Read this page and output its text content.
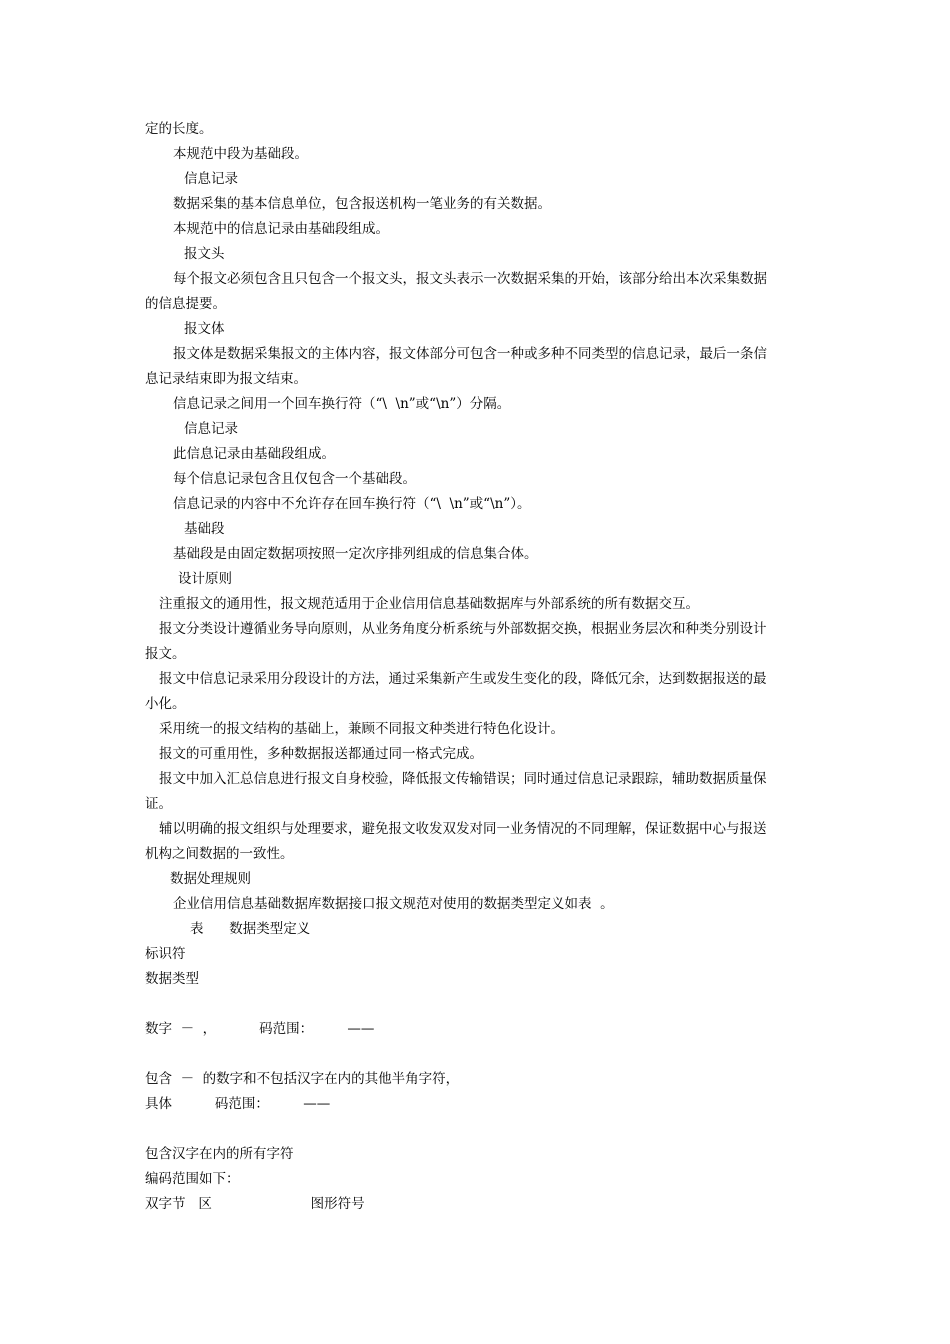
定的长度。
本规范中段为基础段。
信息记录
数据采集的基本信息单位，包含报送机构一笔业务的有关数据。
本规范中的信息记录由基础段组成。
报文头
每个报文必须包含且只包含一个报文头，报文头表示一次数据采集的开始，该部分给出本次采集数据
的信息提要。
报文体
报文体是数据采集报文的主体内容，报文体部分可包含一种或多种不同类型的信息记录，最后一条信
息记录结束即为报文结束。
信息记录之间用一个回车换行符（“\  \n”或“\n”）分隔。
信息记录
此信息记录由基础段组成。
每个信息记录包含且仅包含一个基础段。
信息记录的内容中不允许存在回车换行符（“\  \n”或“\n”）。
基础段
基础段是由固定数据项按照一定次序排列组成的信息集合体。
设计原则
注重报文的通用性，报文规范适用于企业信用信息基础数据库与外部系统的所有数据交互。
报文分类设计遵循业务导向原则，从业务角度分析系统与外部数据交换，根据业务层次和种类分别设计
报文。
报文中信息记录采用分段设计的方法，通过采集新产生或发生变化的段，降低冗余，达到数据报送的最
小化。
采用统一的报文结构的基础上，兼顾不同报文种类进行特色化设计。
报文的可重用性，多种数据报送都通过同一格式完成。
报文中加入汇总信息进行报文自身校验，降低报文传输错误；同时通过信息记录跟踪，辅助数据质量保
证。
辅以明确的报文组织与处理要求，避免报文收发双发对同一业务情况的不同理解，保证数据中心与报送
机构之间数据的一致性。
数据处理规则
企业信用信息基础数据库数据接口报文规范对使用的数据类型定义如表  。
表      数据类型定义
标识符
数据类型
数字  －  ，          码范围：        ——
包含  －  的数字和不包括汉字在内的其他半角字符，
具体          码范围：        ——
包含汉字在内的所有字符
编码范围如下：
双字节   区                       图形符号
